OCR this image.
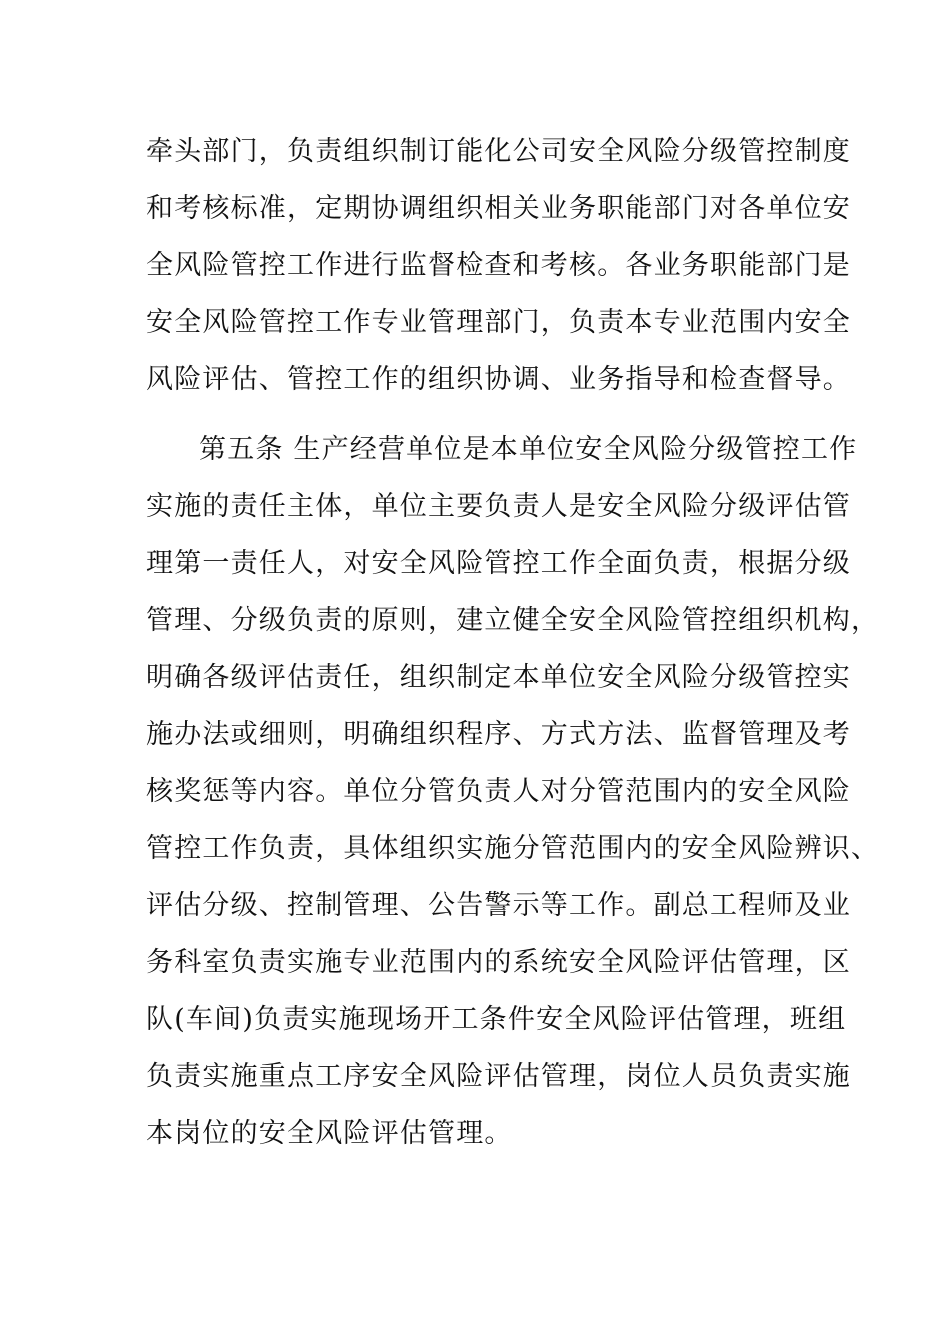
牵头部门，负责组织制订能化公司安全风险分级管控制度
和考核标准，定期协调组织相关业务职能部门对各单位安
全风险管控工作进行监督检查和考核。各业务职能部门是
安全风险管控工作专业管理部门，负责本专业范围内安全
风险评估、管控工作的组织协调、业务指导和检查督导。
第五条 生产经营单位是本单位安全风险分级管控工作
实施的责任主体，单位主要负责人是安全风险分级评估管
理第一责任人，对安全风险管控工作全面负责，根据分级
管理、分级负责的原则，建立健全安全风险管控组织机构，
明确各级评估责任，组织制定本单位安全风险分级管控实
施办法或细则，明确组织程序、方式方法、监督管理及考
核奖惩等内容。单位分管负责人对分管范围内的安全风险
管控工作负责，具体组织实施分管范围内的安全风险辨识、
评估分级、控制管理、公告警示等工作。副总工程师及业
务科室负责实施专业范围内的系统安全风险评估管理，区
队(车间)负责实施现场开工条件安全风险评估管理，班组
负责实施重点工序安全风险评估管理，岗位人员负责实施
本岗位的安全风险评估管理。
